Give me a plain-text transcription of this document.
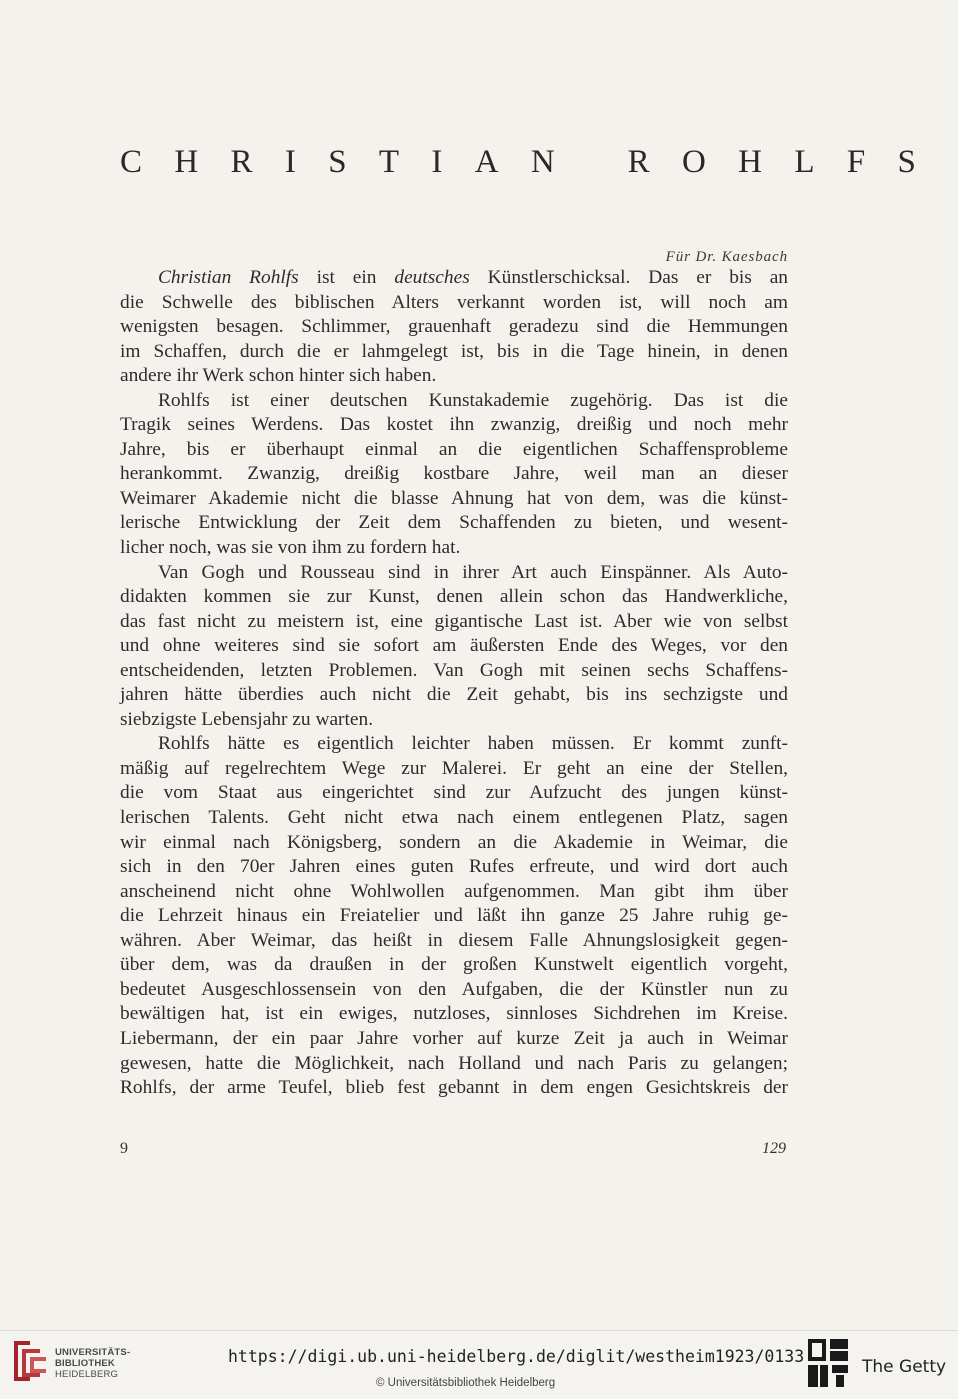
CHRISTIAN ROHLFS
Für Dr. Kaesbach
Christian Rohlfs ist ein deutsches Künstlerschicksal. Das er bis an
die Schwelle des biblischen Alters verkannt worden ist, will noch am
wenigsten besagen. Schlimmer, grauenhaft geradezu sind die Hemmungen
im Schaffen, durch die er lahmgelegt ist, bis in die Tage hinein, in denen
andere ihr Werk schon hinter sich haben.
Rohlfs ist einer deutschen Kunstakademie zugehörig. Das ist die
Tragik seines Werdens. Das kostet ihn zwanzig, dreißig und noch mehr
Jahre, bis er überhaupt einmal an die eigentlichen Schaffensprobleme
herankommt. Zwanzig, dreißig kostbare Jahre, weil man an dieser
Weimarer Akademie nicht die blasse Ahnung hat von dem, was die künst-
lerische Entwicklung der Zeit dem Schaffenden zu bieten, und wesent-
licher noch, was sie von ihm zu fordern hat.
Van Gogh und Rousseau sind in ihrer Art auch Einspänner. Als Auto-
didakten kommen sie zur Kunst, denen allein schon das Handwerkliche,
das fast nicht zu meistern ist, eine gigantische Last ist. Aber wie von selbst
und ohne weiteres sind sie sofort am äußersten Ende des Weges, vor den
entscheidenden, letzten Problemen. Van Gogh mit seinen sechs Schaffens-
jahren hätte überdies auch nicht die Zeit gehabt, bis ins sechzigste und
siebzigste Lebensjahr zu warten.
Rohlfs hätte es eigentlich leichter haben müssen. Er kommt zunft-
mäßig auf regelrechtem Wege zur Malerei. Er geht an eine der Stellen,
die vom Staat aus eingerichtet sind zur Aufzucht des jungen künst-
lerischen Talents. Geht nicht etwa nach einem entlegenen Platz, sagen
wir einmal nach Königsberg, sondern an die Akademie in Weimar, die
sich in den 70er Jahren eines guten Rufes erfreute, und wird dort auch
anscheinend nicht ohne Wohlwollen aufgenommen. Man gibt ihm über
die Lehrzeit hinaus ein Freiatelier und läßt ihn ganze 25 Jahre ruhig ge-
währen. Aber Weimar, das heißt in diesem Falle Ahnungslosigkeit gegen-
über dem, was da draußen in der großen Kunstwelt eigentlich vorgeht,
bedeutet Ausgeschlossensein von den Aufgaben, die der Künstler nun zu
bewältigen hat, ist ein ewiges, nutzloses, sinnloses Sichdrehen im Kreise.
Liebermann, der ein paar Jahre vorher auf kurze Zeit ja auch in Weimar
gewesen, hatte die Möglichkeit, nach Holland und nach Paris zu gelangen;
Rohlfs, der arme Teufel, blieb fest gebannt in dem engen Gesichtskreis der
9	129
UNIVERSITÄTS-
BIBLIOTHEK
HEIDELBERG
https://digi.ub.uni-heidelberg.de/diglit/westheim1923/0133
© Universitätsbibliothek Heidelberg
The Getty
